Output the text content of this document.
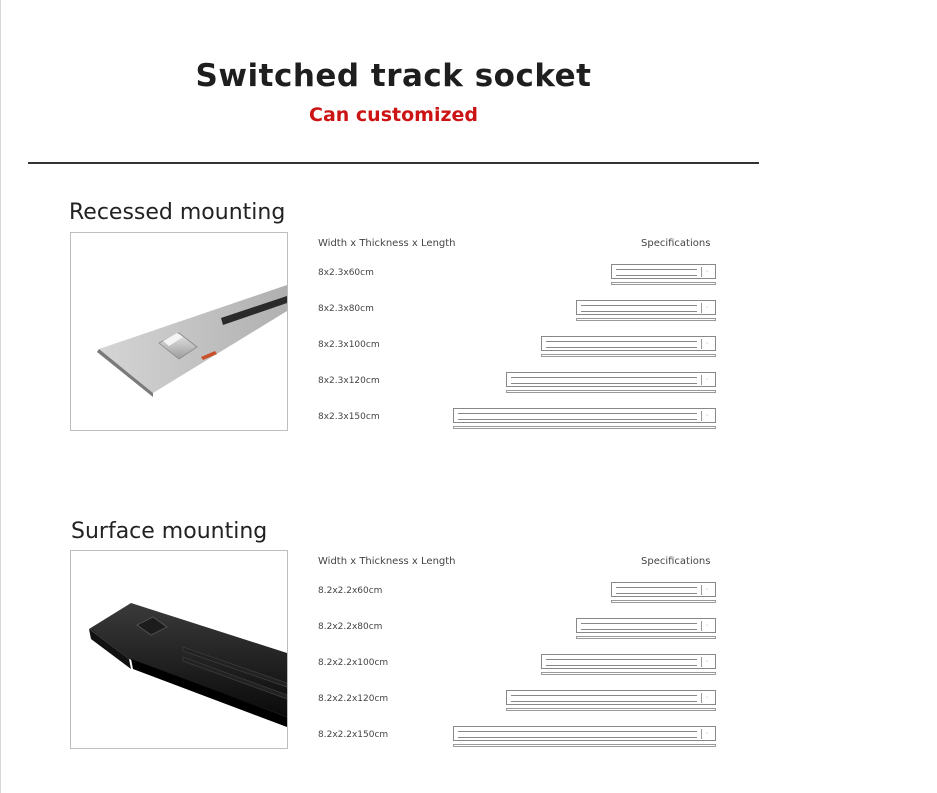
Switched track socket
Can customized
Recessed mounting
Width x Thickness x Length	Specifications
8x2.3x60cm	◦
8x2.3x80cm	◦
8x2.3x100cm	◦
8x2.3x120cm	◦
8x2.3x150cm	◦
Surface mounting
Width x Thickness x Length	Specifications
8.2x2.2x60cm	◦
8.2x2.2x80cm	◦
8.2x2.2x100cm	◦
8.2x2.2x120cm	◦
8.2x2.2x150cm	◦
